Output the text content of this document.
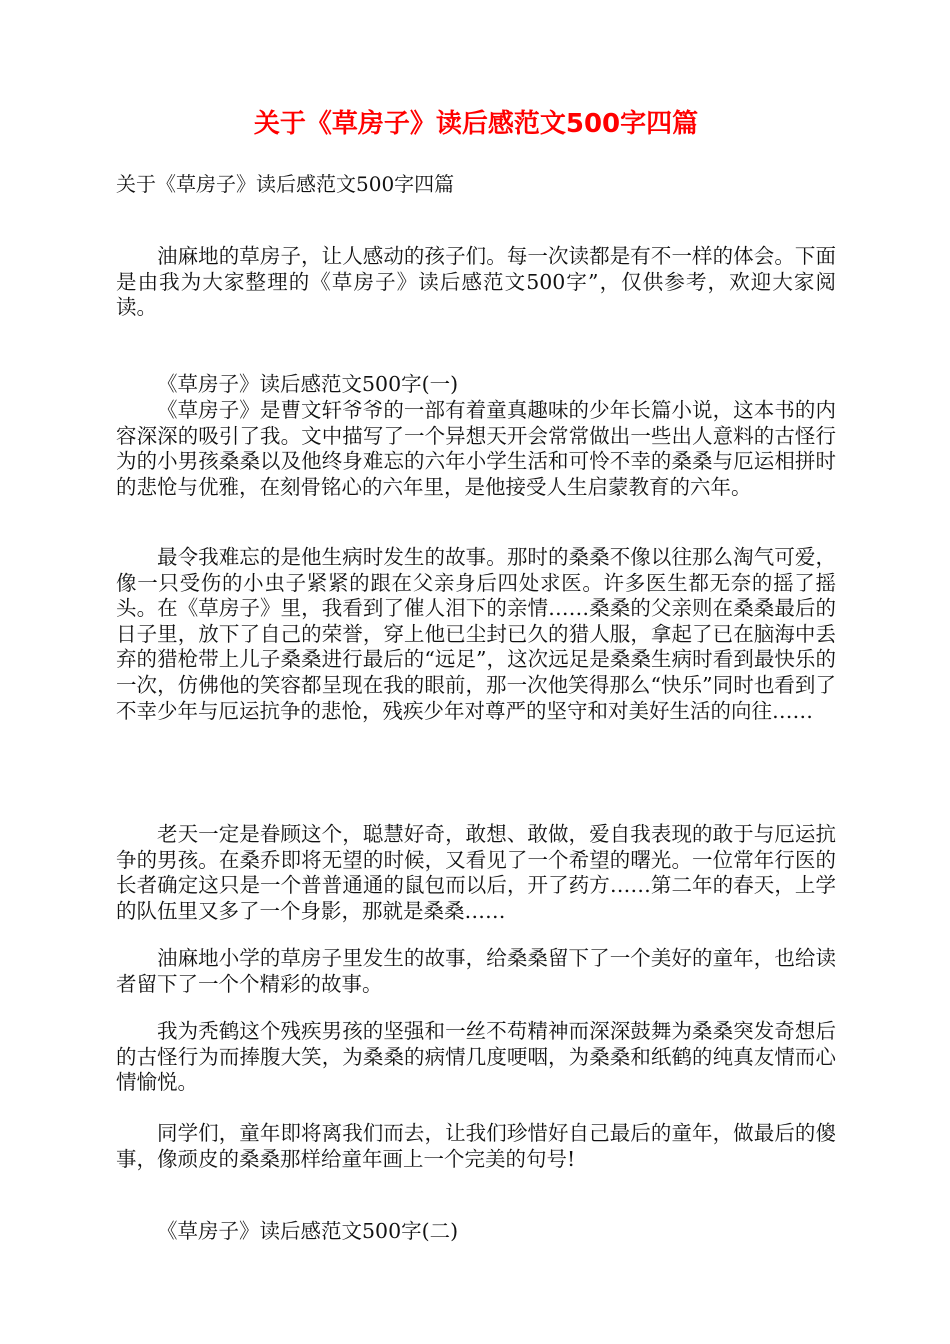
关于《草房子》读后感范文500字四篇

关于《草房子》读后感范文500字四篇

油麻地的草房子，让人感动的孩子们。每一次读都是有不一样的体会。下面是由我为大家整理的《草房子》读后感范文500字”，仅供参考，欢迎大家阅读。

《草房子》读后感范文500字(一)

《草房子》是曹文轩爷爷的一部有着童真趣味的少年长篇小说，这本书的内容深深的吸引了我。文中描写了一个异想天开会常常做出一些出人意料的古怪行为的小男孩桑桑以及他终身难忘的六年小学生活和可怜不幸的桑桑与厄运相拼时的悲怆与优雅，在刻骨铭心的六年里，是他接受人生启蒙教育的六年。

最令我难忘的是他生病时发生的故事。那时的桑桑不像以往那么淘气可爱，像一只受伤的小虫子紧紧的跟在父亲身后四处求医。许多医生都无奈的摇了摇头。在《草房子》里，我看到了催人泪下的亲情……桑桑的父亲则在桑桑最后的日子里，放下了自己的荣誉，穿上他已尘封已久的猎人服，拿起了已在脑海中丢弃的猎枪带上儿子桑桑进行最后的“远足”，这次远足是桑桑生病时看到最快乐的一次，仿佛他的笑容都呈现在我的眼前，那一次他笑得那么“快乐”同时也看到了不幸少年与厄运抗争的悲怆，残疾少年对尊严的坚守和对美好生活的向往……

老天一定是眷顾这个，聪慧好奇，敢想、敢做，爱自我表现的敢于与厄运抗争的男孩。在桑乔即将无望的时候，又看见了一个希望的曙光。一位常年行医的长者确定这只是一个普普通通的鼠包而以后，开了药方……第二年的春天，上学的队伍里又多了一个身影，那就是桑桑……

油麻地小学的草房子里发生的故事，给桑桑留下了一个美好的童年，也给读者留下了一个个精彩的故事。

我为秃鹤这个残疾男孩的坚强和一丝不苟精神而深深鼓舞为桑桑突发奇想后的古怪行为而捧腹大笑，为桑桑的病情几度哽咽，为桑桑和纸鹤的纯真友情而心情愉悦。

同学们，童年即将离我们而去，让我们珍惜好自己最后的童年，做最后的傻事，像顽皮的桑桑那样给童年画上一个完美的句号!

《草房子》读后感范文500字(二)
